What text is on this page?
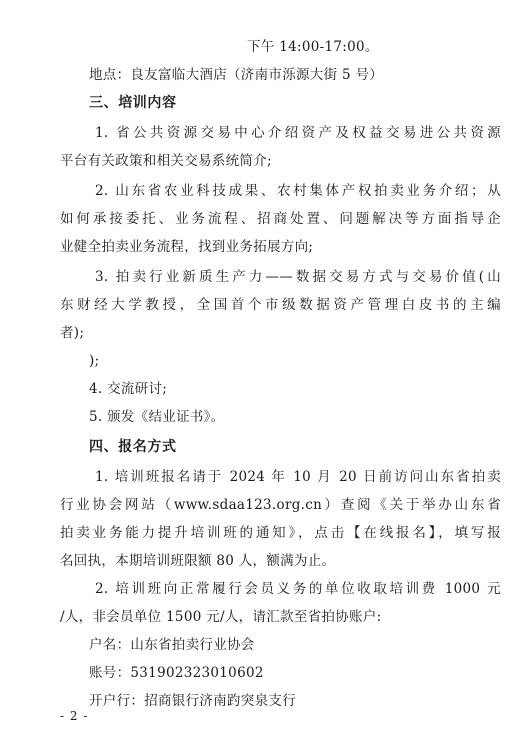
下午 14:00-17:00。
地点：良友富临大酒店（济南市泺源大街 5 号）
三、培训内容
1. 省公共资源交易中心介绍资产及权益交易进公共资源
平台有关政策和相关交易系统简介;
2. 山东省农业科技成果、农村集体产权拍卖业务介绍；从
如何承接委托、业务流程、招商处置、问题解决等方面指导企
业健全拍卖业务流程，找到业务拓展方向;
3. 拍卖行业新质生产力——数据交易方式与交易价值(山
东财经大学教授，全国首个市级数据资产管理白皮书的主编
者);
);
4. 交流研讨;
5. 颁发《结业证书》。
四、报名方式
1. 培训班报名请于 2024 年 10 月 20 日前访问山东省拍卖
行业协会网站（www.sdaa123.org.cn）查阅《关于举办山东省
拍卖业务能力提升培训班的通知》，点击【在线报名】，填写报
名回执，本期培训班限额 80 人，额满为止。
2. 培训班向正常履行会员义务的单位收取培训费 1000 元
/人，非会员单位 1500 元/人，请汇款至省拍协账户:
户名：山东省拍卖行业协会
账号：531902323010602
开户行：招商银行济南趵突泉支行
- 2 -
